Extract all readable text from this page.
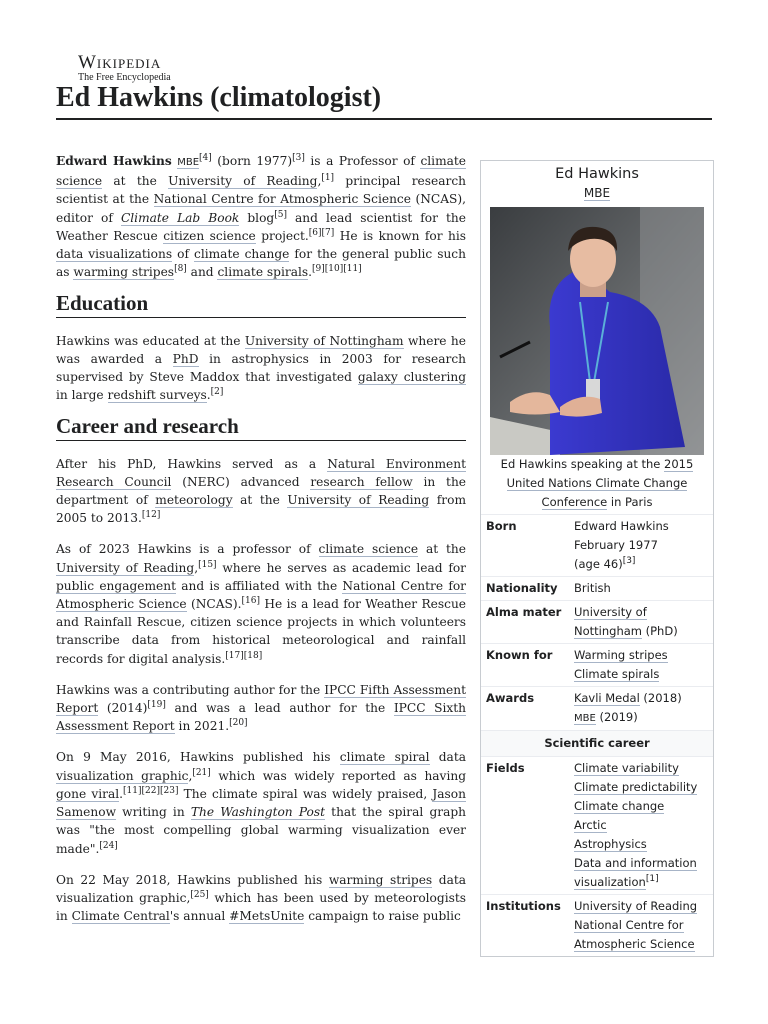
Wikipedia
The Free Encyclopedia
Ed Hawkins (climatologist)

Edward Hawkins MBE[4] (born 1977)[3] is a Professor of climate science at the University of Reading,[1] principal research scientist at the National Centre for Atmospheric Science (NCAS), editor of Climate Lab Book blog[5] and lead scientist for the Weather Rescue citizen science project.[6][7] He is known for his data visualizations of climate change for the general public such as warming stripes[8] and climate spirals.[9][10][11]

Education

Hawkins was educated at the University of Nottingham where he was awarded a PhD in astrophysics in 2003 for research supervised by Steve Maddox that investigated galaxy clustering in large redshift surveys.[2]

Career and research

After his PhD, Hawkins served as a Natural Environment Research Council (NERC) advanced research fellow in the department of meteorology at the University of Reading from 2005 to 2013.[12]

As of 2023 Hawkins is a professor of climate science at the University of Reading,[15] where he serves as academic lead for public engagement and is affiliated with the National Centre for Atmospheric Science (NCAS).[16] He is a lead for Weather Rescue and Rainfall Rescue, citizen science projects in which volunteers transcribe data from historical meteorological and rainfall records for digital analysis.[17][18]

Hawkins was a contributing author for the IPCC Fifth Assessment Report (2014)[19] and was a lead author for the IPCC Sixth Assessment Report in 2021.[20]

On 9 May 2016, Hawkins published his climate spiral data visualization graphic,[21] which was widely reported as having gone viral.[11][22][23] The climate spiral was widely praised, Jason Samenow writing in The Washington Post that the spiral graph was "the most compelling global warming visualization ever made".[24]

On 22 May 2018, Hawkins published his warming stripes data visualization graphic,[25] which has been used by meteorologists in Climate Central's annual #MetsUnite campaign to raise public

Ed Hawkins
MBE
Ed Hawkins speaking at the 2015 United Nations Climate Change Conference in Paris
Born	Edward Hawkins
February 1977
(age 46)[3]
Nationality	British
Alma mater	University of Nottingham (PhD)
Known for	Warming stripes
Climate spirals
Awards	Kavli Medal (2018)
MBE (2019)
Scientific career
Fields	Climate variability
Climate predictability
Climate change
Arctic
Astrophysics
Data and information visualization[1]
Institutions	University of Reading
National Centre for Atmospheric Science
